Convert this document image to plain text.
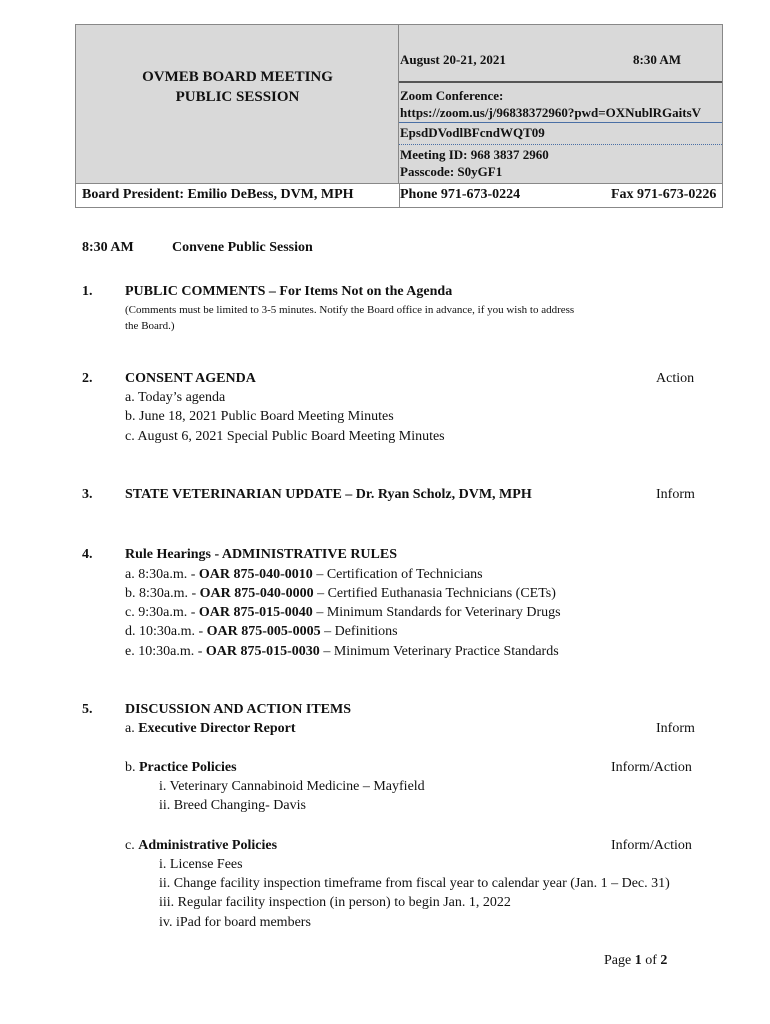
OVMEB BOARD MEETING
PUBLIC SESSION
August 20-21, 2021	8:30 AM
Zoom Conference:
https://zoom.us/j/96838372960?pwd=OXNublRGaitsV
EpsdDVodlBFcndWQT09
Meeting ID: 968 3837 2960
Passcode: S0yGF1
Board President: Emilio DeBess, DVM, MPH	Phone 971-673-0224	Fax 971-673-0226
8:30 AM	Convene Public Session
1. PUBLIC COMMENTS – For Items Not on the Agenda
(Comments must be limited to 3-5 minutes. Notify the Board office in advance, if you wish to address
the Board.)
2. CONSENT AGENDA	Action
a. Today’s agenda
b. June 18, 2021 Public Board Meeting Minutes
c. August 6, 2021 Special Public Board Meeting Minutes
3. STATE VETERINARIAN UPDATE – Dr. Ryan Scholz, DVM, MPH	Inform
4. Rule Hearings - ADMINISTRATIVE RULES
a. 8:30a.m. - OAR 875-040-0010 – Certification of Technicians
b. 8:30a.m. - OAR 875-040-0000 – Certified Euthanasia Technicians (CETs)
c. 9:30a.m. - OAR 875-015-0040 – Minimum Standards for Veterinary Drugs
d. 10:30a.m. - OAR 875-005-0005 – Definitions
e. 10:30a.m. - OAR 875-015-0030 – Minimum Veterinary Practice Standards
5. DISCUSSION AND ACTION ITEMS
a. Executive Director Report	Inform
b. Practice Policies	Inform/Action
i. Veterinary Cannabinoid Medicine – Mayfield
ii. Breed Changing- Davis
c. Administrative Policies	Inform/Action
i. License Fees
ii. Change facility inspection timeframe from fiscal year to calendar year (Jan. 1 – Dec. 31)
iii. Regular facility inspection (in person) to begin Jan. 1, 2022
iv. iPad for board members
Page 1 of 2
